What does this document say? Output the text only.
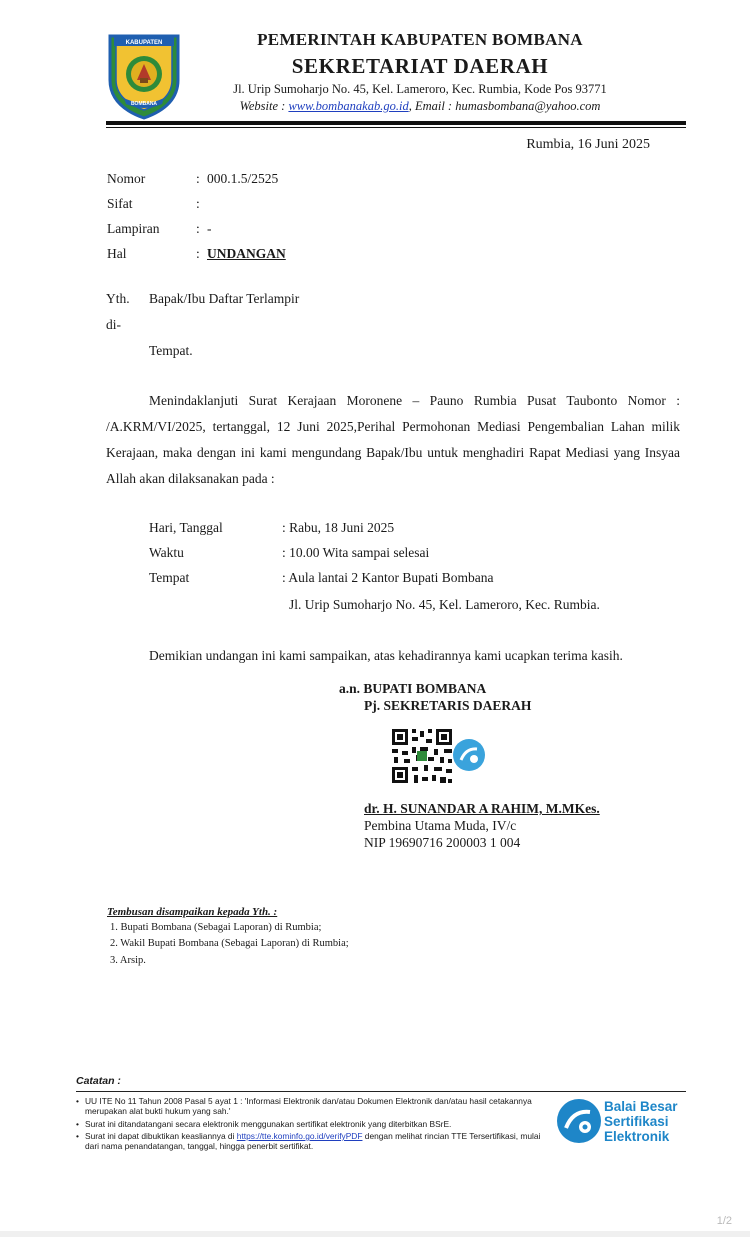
KABUPATEN
BOMBANA
PEMERINTAH KABUPATEN BOMBANA
SEKRETARIAT DAERAH
Jl. Urip Sumoharjo No. 45, Kel. Lameroro, Kec. Rumbia, Kode Pos 93771
Website : www.bombanakab.go.id, Email : humasbombana@yahoo.com
Rumbia, 16 Juni 2025
Nomor	: 000.1.5/2525
Sifat	:
Lampiran	: -
Hal	: UNDANGAN
Yth. Bapak/Ibu Daftar Terlampir
di-
Tempat.
Menindaklanjuti Surat Kerajaan Moronene – Pauno Rumbia Pusat Taubonto Nomor : /A.KRM/VI/2025, tertanggal, 12 Juni 2025,Perihal Permohonan Mediasi Pengembalian Lahan milik Kerajaan, maka dengan ini kami mengundang Bapak/Ibu untuk menghadiri Rapat Mediasi yang Insyaa Allah akan dilaksanakan pada :
Hari, Tanggal	: Rabu, 18 Juni 2025
Waktu	: 10.00 Wita sampai selesai
Tempat	: Aula lantai 2 Kantor Bupati Bombana
Jl. Urip Sumoharjo No. 45, Kel. Lameroro, Kec. Rumbia.
Demikian undangan ini kami sampaikan, atas kehadirannya kami ucapkan terima kasih.
a.n. BUPATI BOMBANA
Pj. SEKRETARIS DAERAH
dr. H. SUNANDAR A RAHIM, M.MKes.
Pembina Utama Muda, IV/c
NIP 19690716 200003 1 004
Tembusan disampaikan kepada Yth. :
1. Bupati Bombana (Sebagai Laporan) di Rumbia;
2. Wakil Bupati Bombana (Sebagai Laporan) di Rumbia;
3. Arsip.
Catatan :
• UU ITE No 11 Tahun 2008 Pasal 5 ayat 1 : 'Informasi Elektronik dan/atau Dokumen Elektronik dan/atau hasil cetakannya merupakan alat bukti hukum yang sah.'
• Surat ini ditandatangani secara elektronik menggunakan sertifikat elektronik yang diterbitkan BSrE.
• Surat ini dapat dibuktikan keasliannya di https://tte.kominfo.go.id/verifyPDF dengan melihat rincian TTE Tersertifikasi, mulai dari nama penandatangan, tanggal, hingga penerbit sertifikat.
Balai Besar
Sertifikasi
Elektronik
1/2
